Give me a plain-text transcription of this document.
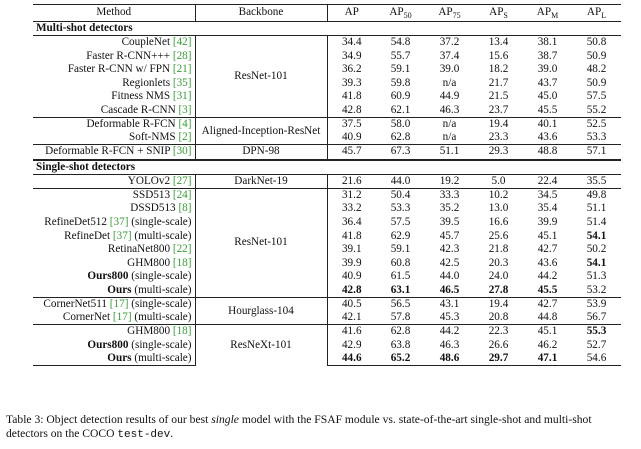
Method	Backbone	AP	$AP_{50}$	$AP_{75}$	$AP_S$	$AP_M$	$AP_L$
Multi-shot detectors							
CoupleNet [42]	ResNet-101	34.4	54.8	37.2	13.4	38.1	50.8
Faster R-CNN+++ [28]		34.9	55.7	37.4	15.6	38.7	50.9
Faster R-CNN w/ FPN [21]		36.2	59.1	39.0	18.2	39.0	48.2
Regionlets [35]		39.3	59.8	n/a	21.7	43.7	50.9
Fitness NMS [31]		41.8	60.9	44.9	21.5	45.0	57.5
Cascade R-CNN [3]		42.8	62.1	46.3	23.7	45.5	55.2
Deformable R-FCN [4]	Aligned-Inception-ResNet	37.5	58.0	n/a	19.4	40.1	52.5
Soft-NMS [2]		40.9	62.8	n/a	23.3	43.6	53.3
Deformable R-FCN + SNIP [30]	DPN-98	45.7	67.3	51.1	29.3	48.8	57.1
Single-shot detectors							
YOLOv2 [27]	DarkNet-19	21.6	44.0	19.2	5.0	22.4	35.5
SSD513 [24]	ResNet-101	31.2	50.4	33.3	10.2	34.5	49.8
DSSD513 [8]		33.2	53.3	35.2	13.0	35.4	51.1
RefineDet512 [37] (single-scale)		36.4	57.5	39.5	16.6	39.9	51.4
RefineDet [37] (multi-scale)		41.8	62.9	45.7	25.6	45.1	54.1
RetinaNet800 [22]		39.1	59.1	42.3	21.8	42.7	50.2
GHM800 [18]		39.9	60.8	42.5	20.3	43.6	54.1
Ours800 (single-scale)		40.9	61.5	44.0	24.0	44.2	51.3
Ours (multi-scale)		42.8	63.1	46.5	27.8	45.5	53.2
CornerNet511 [17] (single-scale)	Hourglass-104	40.5	56.5	43.1	19.4	42.7	53.9
CornerNet [17] (multi-scale)		42.1	57.8	45.3	20.8	44.8	56.7
GHM800 [18]	ResNeXt-101	41.6	62.8	44.2	22.3	45.1	55.3
Ours800 (single-scale)		42.9	63.8	46.3	26.6	46.2	52.7
Ours (multi-scale)		44.6	65.2	48.6	29.7	47.1	54.6
Table 3: Object detection results of our best single model with the FSAF module vs. state-of-the-art single-shot and multi-shot detectors on the COCO test-dev.
